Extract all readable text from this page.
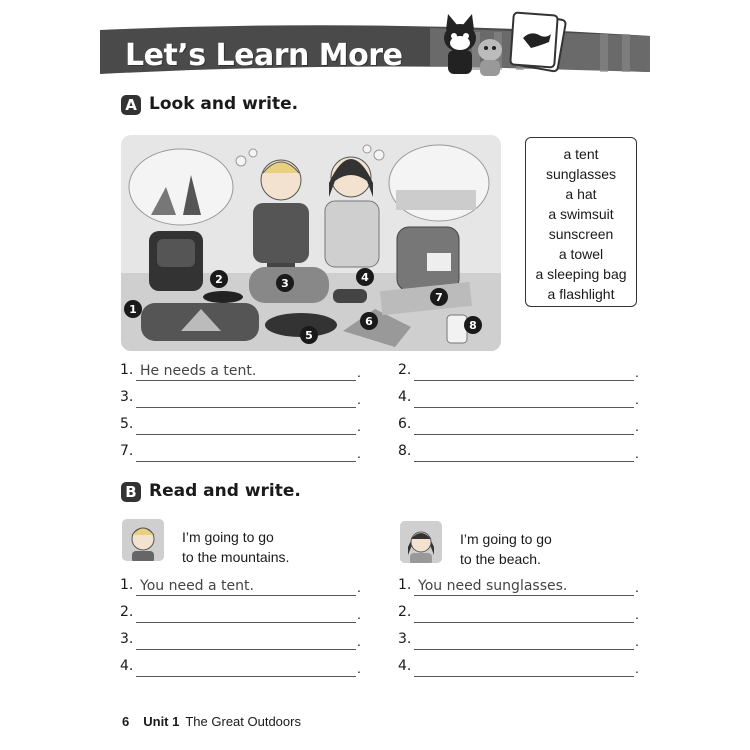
Let’s Learn More
A Look and write.
1
2	3	4
5
6
7
8
a tent
sunglasses
a hat
a swimsuit
sunscreen
a towel
a sleeping bag
a flashlight
1. He needs a tent.	.	2.	.
3.	.	4.	.
5.	.	6.	.
7.	.	8.	.
B Read and write.
I’m going to go
to the mountains.
I’m going to go
to the beach.
1. You need a tent.	.
2.	.
3.	.
4.	.
1. You need sunglasses.	.
2.	.
3.	.
4.	.
6 Unit 1 The Great Outdoors
